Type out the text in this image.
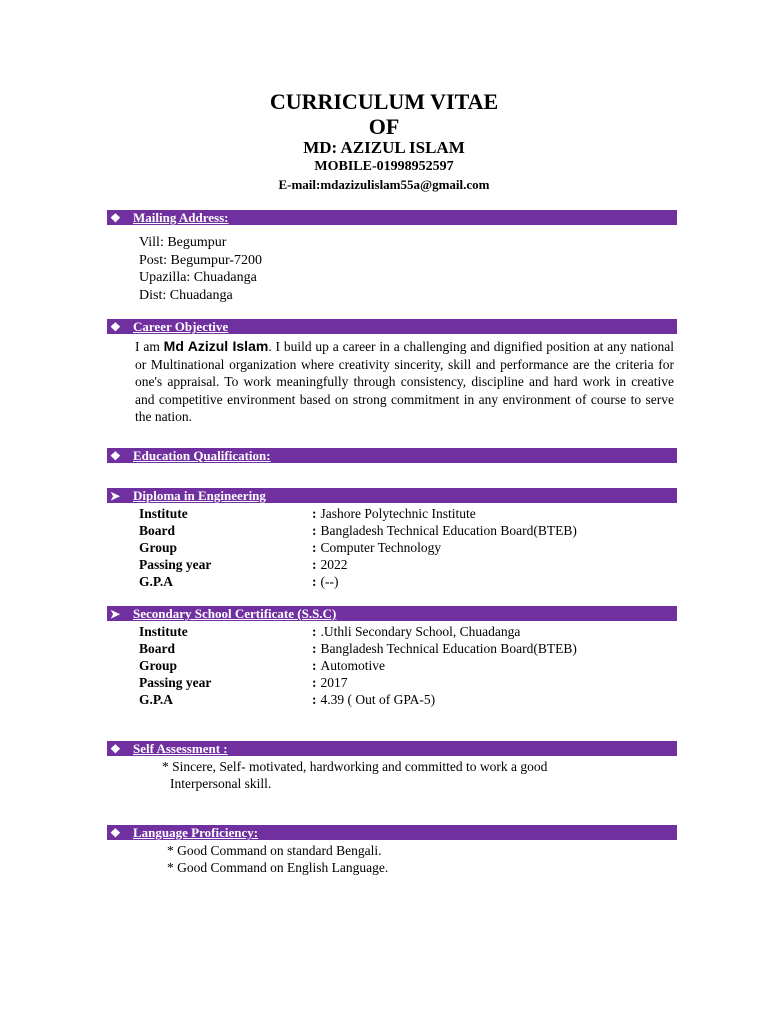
CURRICULUM VITAE
OF
MD: AZIZUL ISLAM
MOBILE-01998952597
E-mail:mdazizulislam55a@gmail.com
❖ Mailing Address:
Vill: Begumpur
Post: Begumpur-7200
Upazilla: Chuadanga
Dist: Chuadanga
❖ Career Objective
I am Md Azizul Islam. I build up a career in a challenging and dignified position at any national or Multinational organization where creativity sincerity, skill and performance are the criteria for one's appraisal. To work meaningfully through consistency, discipline and hard work in creative and competitive environment based on strong commitment in any environment of course to serve the nation.
❖ Education Qualification:
➤ Diploma in Engineering
Institute	: Jashore Polytechnic Institute
Board	: Bangladesh Technical Education Board(BTEB)
Group	: Computer Technology
Passing year	: 2022
G.P.A	: (--)
➤ Secondary School Certificate (S.S.C)
Institute	: .Uthli Secondary School, Chuadanga
Board	: Bangladesh Technical Education Board(BTEB)
Group	: Automotive
Passing year	: 2017
G.P.A	: 4.39 ( Out of GPA-5)
❖ Self Assessment :
* Sincere, Self- motivated, hardworking and committed to work a good
Interpersonal skill.
❖ Language Proficiency:
* Good Command on standard Bengali.
* Good Command on English Language.
